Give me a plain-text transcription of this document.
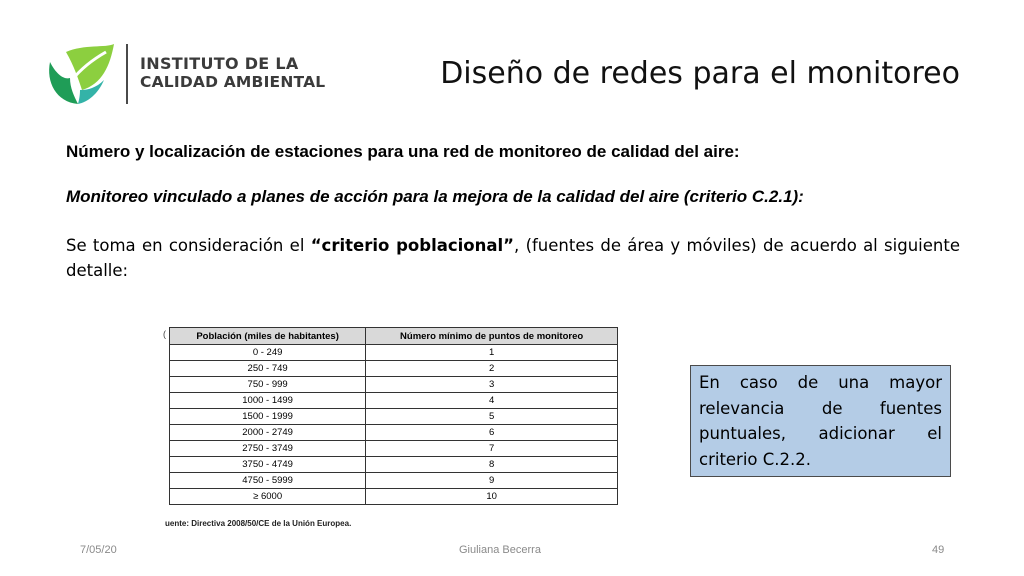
INSTITUTO DE LA
CALIDAD AMBIENTAL	Diseño de redes para el monitoreo

Número y localización de estaciones para una red de monitoreo de calidad del aire:

Monitoreo vinculado a planes de acción para la mejora de la calidad del aire (criterio C.2.1):

Se toma en consideración el “criterio poblacional”, (fuentes de área y móviles) de acuerdo al siguiente detalle:

(	Población (miles de habitantes)	Número mínimo de puntos de monitoreo
0 - 249	1
250 - 749	2
750 - 999	3
1000 - 1499	4
1500 - 1999	5
2000 - 2749	6
2750 - 3749	7
3750 - 4749	8
4750 - 5999	9
≥ 6000	10
uente: Directiva 2008/50/CE de la Unión Europea.
En caso de una mayor relevancia de fuentes puntuales, adicionar el criterio C.2.2.
7/05/20	Giuliana Becerra	49
